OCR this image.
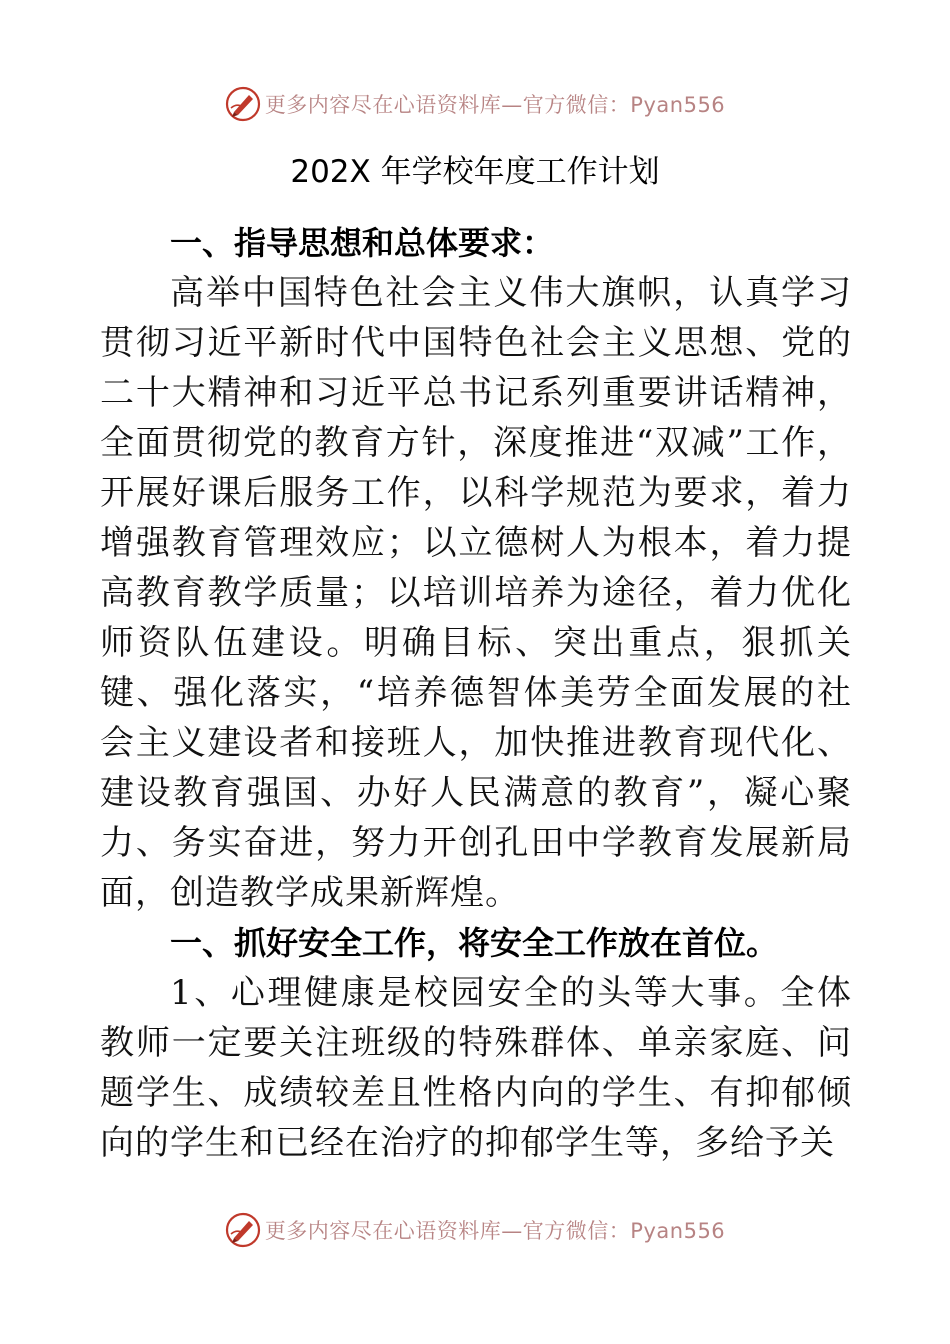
更多内容尽在心语资料库—官方微信：Pyan556
202X 年学校年度工作计划

一、指导思想和总体要求：

高举中国特色社会主义伟大旗帜，认真学习贯彻习近平新时代中国特色社会主义思想、党的二十大精神和习近平总书记系列重要讲话精神，全面贯彻党的教育方针，深度推进“双减”工作，开展好课后服务工作，以科学规范为要求，着力增强教育管理效应；以立德树人为根本，着力提高教育教学质量；以培训培养为途径，着力优化师资队伍建设。明确目标、突出重点，狠抓关键、强化落实，“培养德智体美劳全面发展的社会主义建设者和接班人，加快推进教育现代化、建设教育强国、办好人民满意的教育”，凝心聚力、务实奋进，努力开创孔田中学教育发展新局面，创造教学成果新辉煌。

一、抓好安全工作，将安全工作放在首位。

1、心理健康是校园安全的头等大事。全体教师一定要关注班级的特殊群体、单亲家庭、问题学生、成绩较差且性格内向的学生、有抑郁倾向的学生和已经在治疗的抑郁学生等，多给予关

更多内容尽在心语资料库—官方微信：Pyan556
